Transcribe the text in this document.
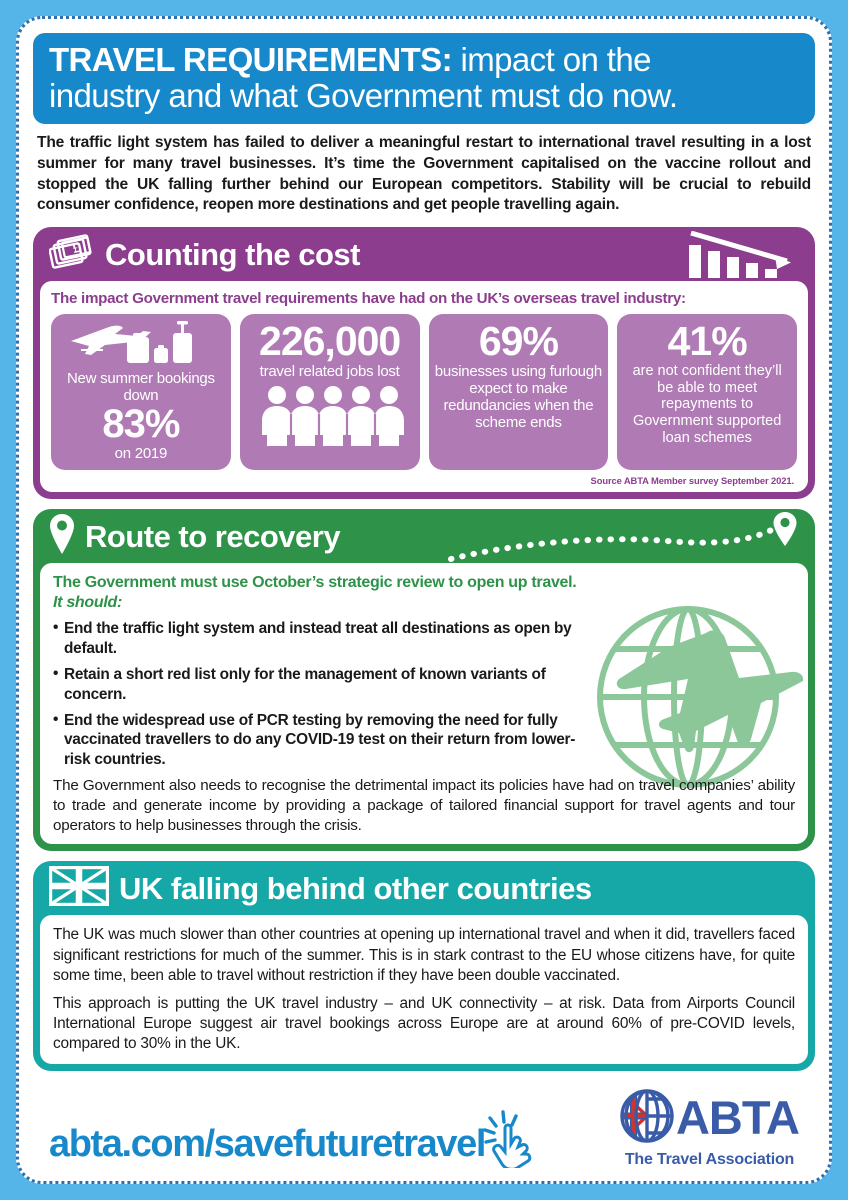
TRAVEL REQUIREMENTS: impact on the
industry and what Government must do now.

The traffic light system has failed to deliver a meaningful restart to international travel resulting in a lost summer for many travel businesses. It’s time the Government capitalised on the vaccine rollout and stopped the UK falling further behind our European competitors. Stability will be crucial to rebuild consumer confidence, reopen more destinations and get people travelling again.

£ Counting the cost
The impact Government travel requirements have had on the UK’s overseas travel industry:
New summer bookings down
83%
on 2019
226,000
travel related jobs lost
69%
businesses using furlough expect to make redundancies when the scheme ends
41%
are not confident they’ll be able to meet repayments to Government supported loan schemes
Source ABTA Member survey September 2021.
Route to recovery
The Government must use October’s strategic review to open up travel.
It should:
• End the traffic light system and instead treat all destinations as open by default.
• Retain a short red list only for the management of known variants of concern.
• End the widespread use of PCR testing by removing the need for fully vaccinated travellers to do any COVID-19 test on their return from lower-risk countries.

The Government also needs to recognise the detrimental impact its policies have had on travel companies’ ability to trade and generate income by providing a package of tailored financial support for travel agents and tour operators to help businesses through the crisis.

UK falling behind other countries

The UK was much slower than other countries at opening up international travel and when it did, travellers faced significant restrictions for much of the summer. This is in stark contrast to the EU whose citizens have, for quite some time, been able to travel without restriction if they have been double vaccinated.

This approach is putting the UK travel industry – and UK connectivity – at risk. Data from Airports Council International Europe suggest air travel bookings across Europe are at around 60% of pre-COVID levels, compared to 30% in the UK.

abta.com/savefuturetravel	ABTA
The Travel Association
